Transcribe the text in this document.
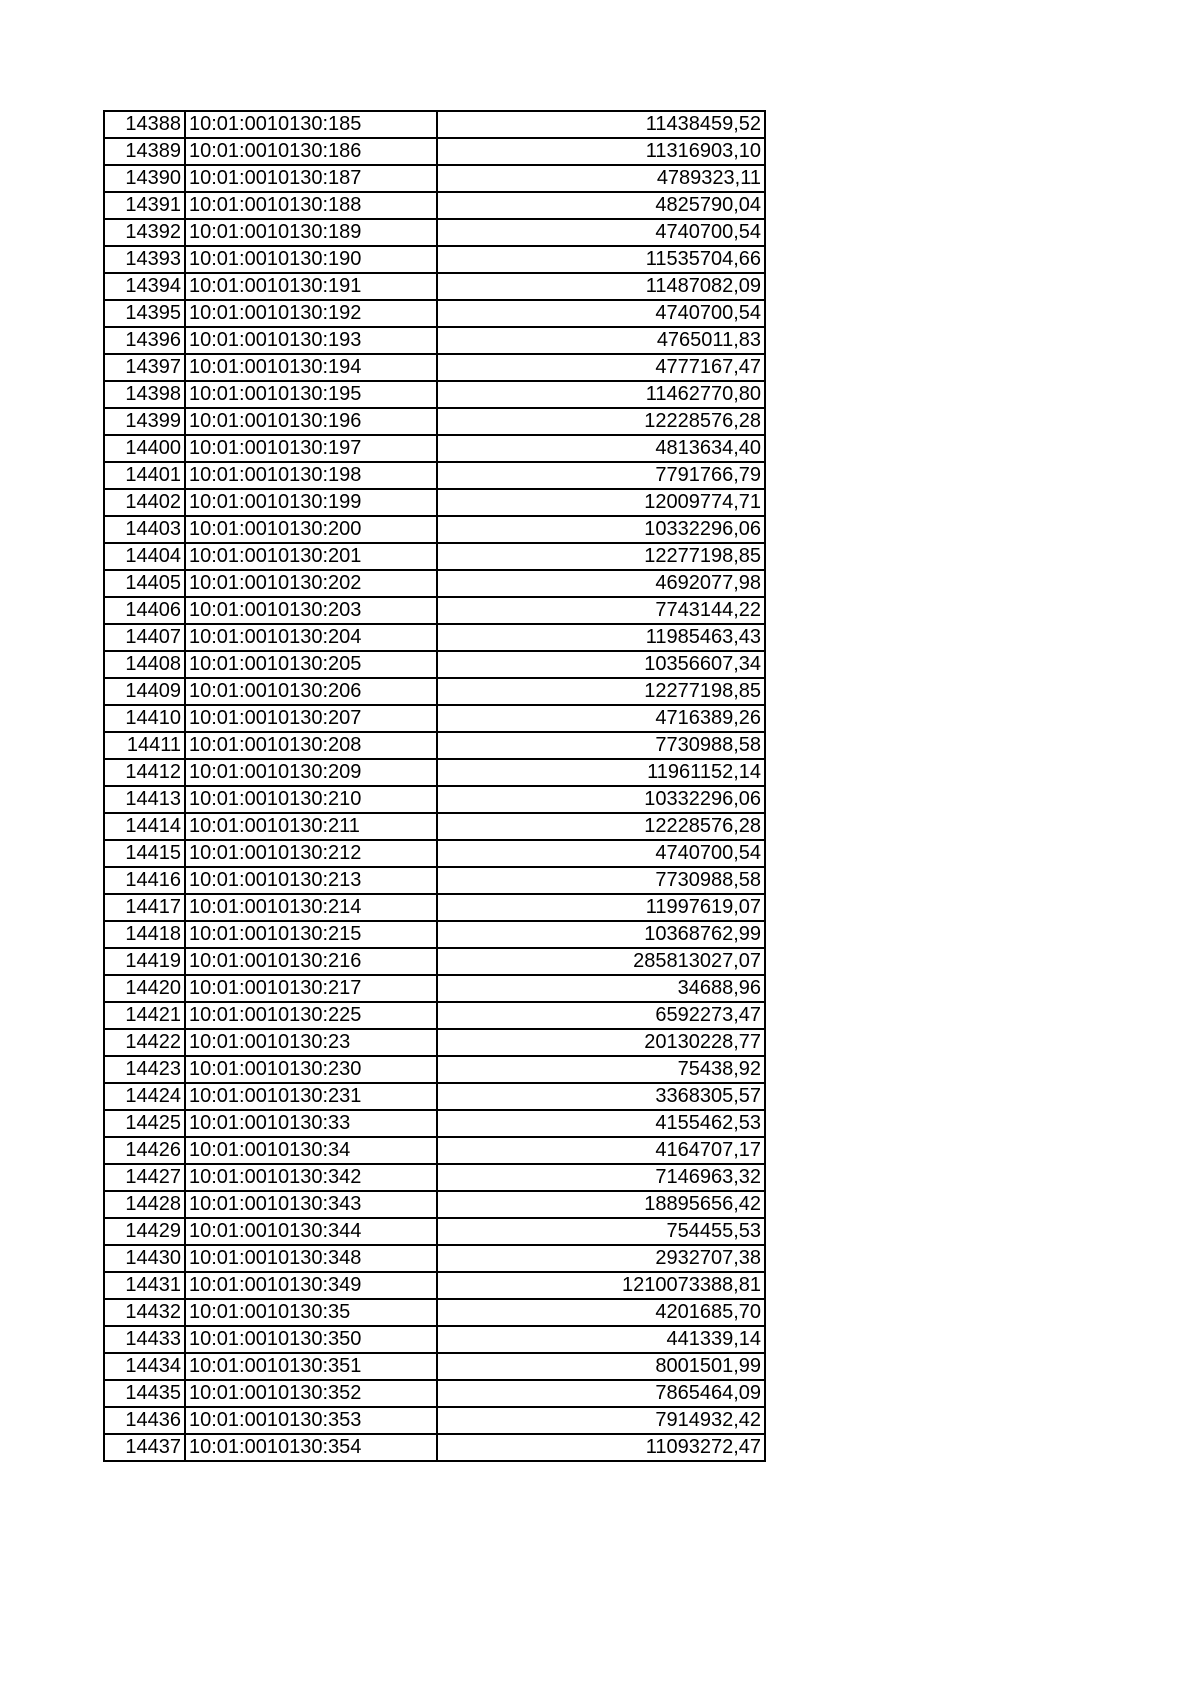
14388	10:01:0010130:185	11438459,52
14389	10:01:0010130:186	11316903,10
14390	10:01:0010130:187	4789323,11
14391	10:01:0010130:188	4825790,04
14392	10:01:0010130:189	4740700,54
14393	10:01:0010130:190	11535704,66
14394	10:01:0010130:191	11487082,09
14395	10:01:0010130:192	4740700,54
14396	10:01:0010130:193	4765011,83
14397	10:01:0010130:194	4777167,47
14398	10:01:0010130:195	11462770,80
14399	10:01:0010130:196	12228576,28
14400	10:01:0010130:197	4813634,40
14401	10:01:0010130:198	7791766,79
14402	10:01:0010130:199	12009774,71
14403	10:01:0010130:200	10332296,06
14404	10:01:0010130:201	12277198,85
14405	10:01:0010130:202	4692077,98
14406	10:01:0010130:203	7743144,22
14407	10:01:0010130:204	11985463,43
14408	10:01:0010130:205	10356607,34
14409	10:01:0010130:206	12277198,85
14410	10:01:0010130:207	4716389,26
14411	10:01:0010130:208	7730988,58
14412	10:01:0010130:209	11961152,14
14413	10:01:0010130:210	10332296,06
14414	10:01:0010130:211	12228576,28
14415	10:01:0010130:212	4740700,54
14416	10:01:0010130:213	7730988,58
14417	10:01:0010130:214	11997619,07
14418	10:01:0010130:215	10368762,99
14419	10:01:0010130:216	285813027,07
14420	10:01:0010130:217	34688,96
14421	10:01:0010130:225	6592273,47
14422	10:01:0010130:23	20130228,77
14423	10:01:0010130:230	75438,92
14424	10:01:0010130:231	3368305,57
14425	10:01:0010130:33	4155462,53
14426	10:01:0010130:34	4164707,17
14427	10:01:0010130:342	7146963,32
14428	10:01:0010130:343	18895656,42
14429	10:01:0010130:344	754455,53
14430	10:01:0010130:348	2932707,38
14431	10:01:0010130:349	1210073388,81
14432	10:01:0010130:35	4201685,70
14433	10:01:0010130:350	441339,14
14434	10:01:0010130:351	8001501,99
14435	10:01:0010130:352	7865464,09
14436	10:01:0010130:353	7914932,42
14437	10:01:0010130:354	11093272,47
